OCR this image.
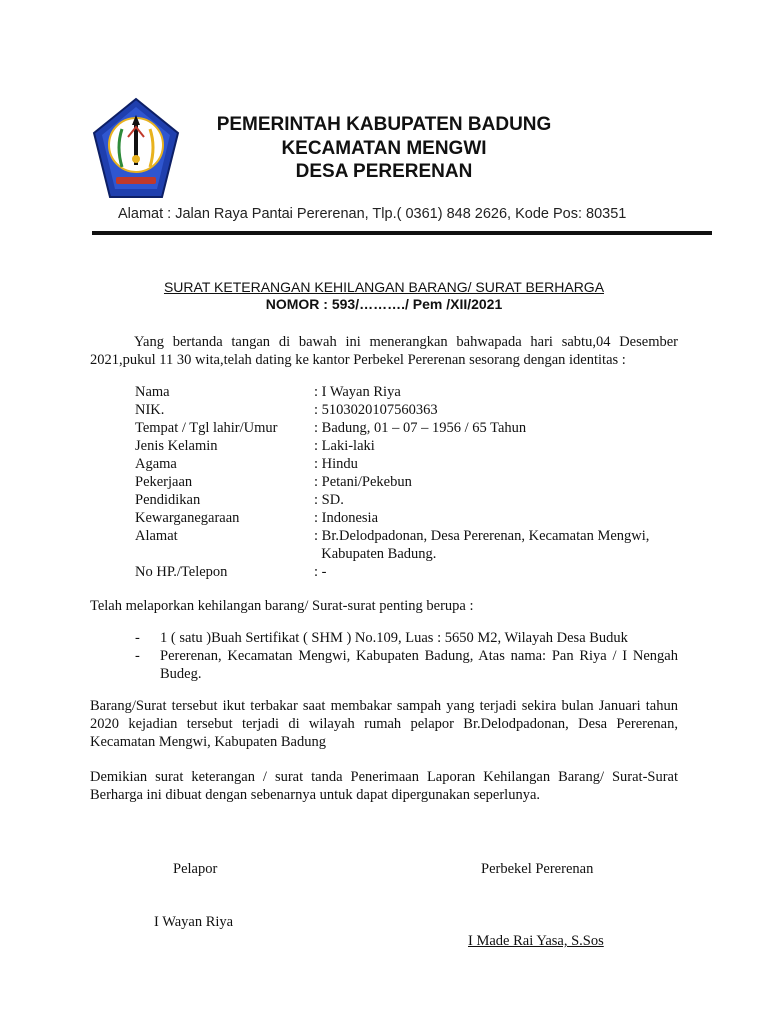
PEMERINTAH KABUPATEN BADUNG
KECAMATAN MENGWI
DESA PERERENAN
Alamat : Jalan Raya Pantai Pererenan, Tlp.( 0361) 848 2626, Kode Pos: 80351
SURAT KETERANGAN KEHILANGAN BARANG/ SURAT BERHARGA
NOMOR : 593/………./ Pem /XII/2021
Yang bertanda tangan di bawah ini menerangkan bahwapada hari sabtu,04 Desember 2021,pukul 11 30 wita,telah dating ke kantor Perbekel Pererenan sesorang dengan identitas :
Nama	: I Wayan Riya
NIK.	: 5103020107560363
Tempat / Tgl lahir/Umur	: Badung, 01 – 07 – 1956 / 65 Tahun
Jenis Kelamin	: Laki-laki
Agama	: Hindu
Pekerjaan	: Petani/Pekebun
Pendidikan	: SD.
Kewarganegaraan	: Indonesia
Alamat	: Br.Delodpadonan, Desa Pererenan, Kecamatan Mengwi,
Kabupaten Badung.
No HP./Telepon	: -
Telah melaporkan kehilangan barang/ Surat-surat penting berupa :
- 1 ( satu )Buah Sertifikat ( SHM ) No.109, Luas : 5650 M2, Wilayah Desa Buduk
- Pererenan, Kecamatan Mengwi, Kabupaten Badung, Atas nama: Pan Riya / I Nengah Budeg.
Barang/Surat tersebut ikut terbakar saat membakar sampah yang terjadi sekira bulan Januari tahun 2020 kejadian tersebut terjadi di wilayah rumah pelapor Br.Delodpadonan, Desa Pererenan, Kecamatan Mengwi, Kabupaten Badung
Demikian surat keterangan / surat tanda Penerimaan Laporan Kehilangan Barang/ Surat-Surat Berharga ini dibuat dengan sebenarnya untuk dapat dipergunakan seperlunya.
Pelapor	Perbekel Pererenan
I Wayan Riya
I Made Rai Yasa, S.Sos
